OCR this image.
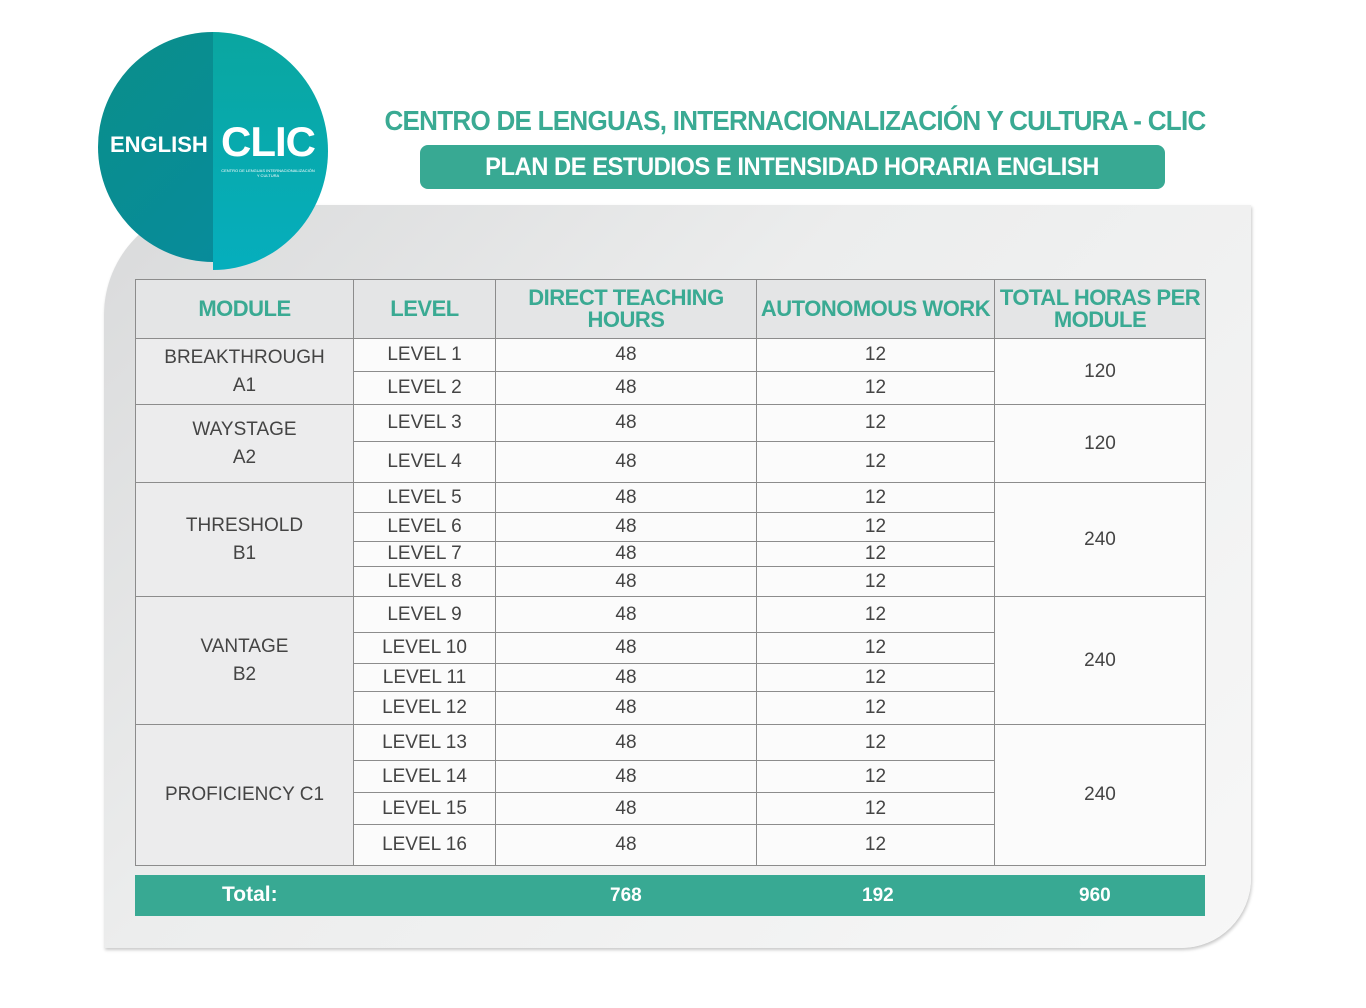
ENGLISH CLIC
CENTRO DE LENGUAS INTERNACIONALIZACIÓN Y CULTURA
CENTRO DE LENGUAS, INTERNACIONALIZACIÓN Y CULTURA - CLIC
PLAN DE ESTUDIOS E INTENSIDAD HORARIA ENGLISH
MODULE	LEVEL	DIRECT TEACHING HOURS	AUTONOMOUS WORK	TOTAL HORAS PER MODULE
BREAKTHROUGH
A1	LEVEL 1	48	12	120
	LEVEL 2	48	12	
WAYSTAGE
A2	LEVEL 3	48	12	120
	LEVEL 4	48	12	
THRESHOLD
B1	LEVEL 5	48	12	240
	LEVEL 6	48	12	
	LEVEL 7	48	12	
	LEVEL 8	48	12	
VANTAGE
B2	LEVEL 9	48	12	240
	LEVEL 10	48	12	
	LEVEL 11	48	12	
	LEVEL 12	48	12	
PROFICIENCY C1	LEVEL 13	48	12	240
	LEVEL 14	48	12	
	LEVEL 15	48	12	
	LEVEL 16	48	12	
Total:	768	192	960
